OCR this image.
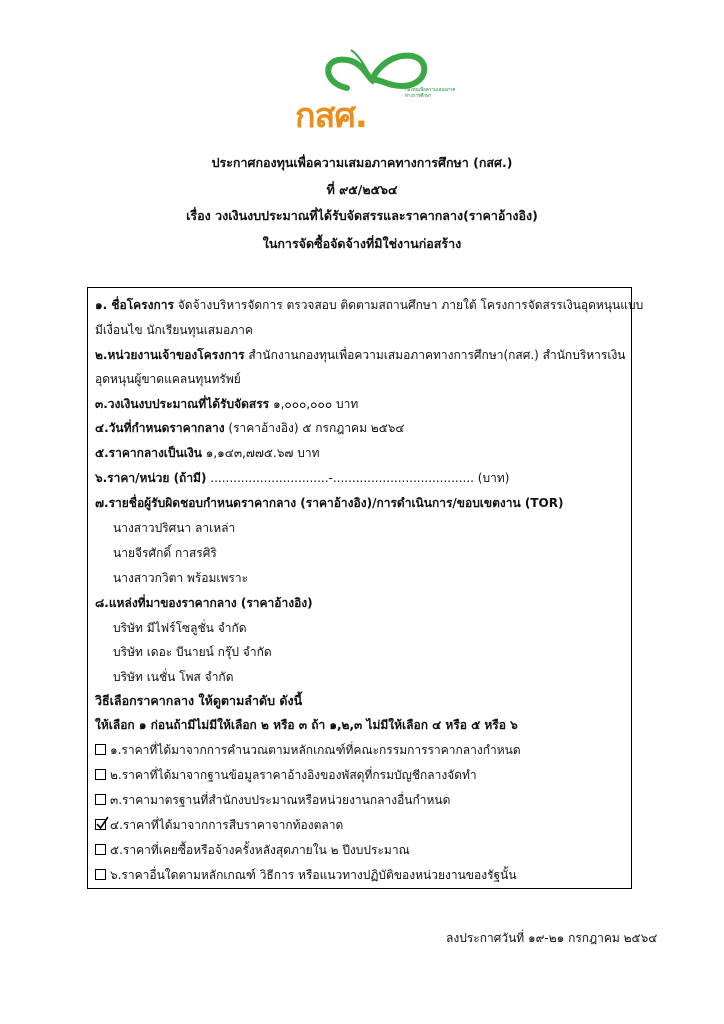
กสศ.
กองทุนเพื่อความเสมอภาคทางการศึกษา
ประกาศกองทุนเพื่อความเสมอภาคทางการศึกษา (กสศ.)
ที่ ๙๕/๒๕๖๔
เรื่อง วงเงินงบประมาณที่ได้รับจัดสรรและราคากลาง(ราคาอ้างอิง)
ในการจัดซื้อจัดจ้างที่มิใช่งานก่อสร้าง
๑. ชื่อโครงการ จัดจ้างบริหารจัดการ ตรวจสอบ ติดตามสถานศึกษา ภายใต้ โครงการจัดสรรเงินอุดหนุนแบบ
มีเงื่อนไข นักเรียนทุนเสมอภาค
๒.หน่วยงานเจ้าของโครงการ สำนักงานกองทุนเพื่อความเสมอภาคทางการศึกษา(กสศ.) สำนักบริหารเงิน
อุดหนุนผู้ขาดแคลนทุนทรัพย์
๓.วงเงินงบประมาณที่ได้รับจัดสรร ๑,๐๐๐,๐๐๐ บาท
๔.วันที่กำหนดราคากลาง (ราคาอ้างอิง) ๕ กรกฎาคม ๒๕๖๔
๕.ราคากลางเป็นเงิน ๑,๑๔๓,๗๗๕.๖๗ บาท
๖.ราคา/หน่วย (ถ้ามี) ...............................-..................................... (บาท)
๗.รายชื่อผู้รับผิดชอบกำหนดราคากลาง (ราคาอ้างอิง)/การดำเนินการ/ขอบเขตงาน (TOR)
นางสาวปริศนา ลาเหล่า
นายจีรศักดิ์ กาสรศิริ
นางสาวกวิตา พร้อมเพราะ
๘.แหล่งที่มาของราคากลาง (ราคาอ้างอิง)
บริษัท มีไฟร์โซลูชั่น จำกัด
บริษัท เดอะ บีนายน์ กรุ๊ป จำกัด
บริษัท เนชั่น โพส จำกัด
วิธีเลือกราคากลาง ให้ดูตามลำดับ ดังนี้
ให้เลือก ๑ ก่อนถ้ามีไม่มีให้เลือก ๒ หรือ ๓ ถ้า ๑,๒,๓ ไม่มีให้เลือก ๔ หรือ ๕ หรือ ๖
๑.ราคาที่ได้มาจากการคำนวณตามหลักเกณฑ์ที่คณะกรรมการราคากลางกำหนด
๒.ราคาที่ได้มาจากฐานข้อมูลราคาอ้างอิงของพัสดุที่กรมบัญชีกลางจัดทำ
๓.ราคามาตรฐานที่สำนักงบประมาณหรือหน่วยงานกลางอื่นกำหนด
๔.ราคาที่ได้มาจากการสืบราคาจากท้องตลาด
๕.ราคาที่เคยซื้อหรือจ้างครั้งหลังสุดภายใน ๒ ปีงบประมาณ
๖.ราคาอื่นใดตามหลักเกณฑ์ วิธีการ หรือแนวทางปฏิบัติของหน่วยงานของรัฐนั้น
ลงประกาศวันที่ ๑๙-๒๑ กรกฎาคม ๒๕๖๔
